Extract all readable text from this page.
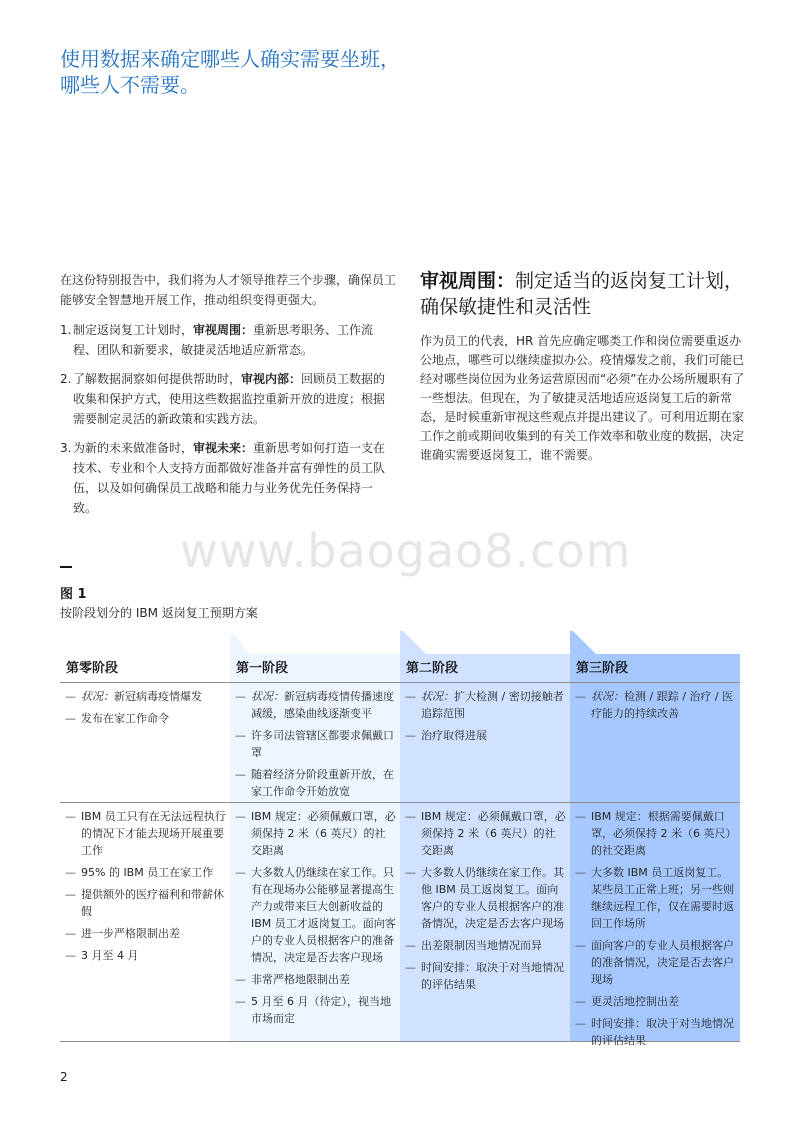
使用数据来确定哪些人确实需要坐班，哪些人不需要。

在这份特别报告中，我们将为人才领导推荐三个步骤，确保员工能够安全智慧地开展工作，推动组织变得更强大。

1. 制定返岗复工计划时，审视周围：重新思考职务、工作流程、团队和新要求，敏捷灵活地适应新常态。
2. 了解数据洞察如何提供帮助时，审视内部：回顾员工数据的收集和保护方式，使用这些数据监控重新开放的进度；根据需要制定灵活的新政策和实践方法。
3. 为新的未来做准备时，审视未来：重新思考如何打造一支在技术、专业和个人支持方面都做好准备并富有弹性的员工队伍，以及如何确保员工战略和能力与业务优先任务保持一致。
审视周围：制定适当的返岗复工计划，确保敏捷性和灵活性

作为员工的代表，HR 首先应确定哪类工作和岗位需要重返办公地点，哪些可以继续虚拟办公。疫情爆发之前，我们可能已经对哪些岗位因为业务运营原因而“必须”在办公场所履职有了一些想法。但现在，为了敏捷灵活地适应返岗复工后的新常态，是时候重新审视这些观点并提出建议了。可利用近期在家工作之前或期间收集到的有关工作效率和敬业度的数据，决定谁确实需要返岗复工，谁不需要。

www.baogao8.com
图 1
按阶段划分的 IBM 返岗复工预期方案
第零阶段
— 状况：新冠病毒疫情爆发
— 发布在家工作命令
— IBM 员工只有在无法远程执行的情况下才能去现场开展重要工作
— 95% 的 IBM 员工在家工作
— 提供额外的医疗福利和带薪休假
— 进一步严格限制出差
— 3 月至 4 月
第一阶段
— 状况：新冠病毒疫情传播速度减缓，感染曲线逐渐变平
— 许多司法管辖区都要求佩戴口罩
— 随着经济分阶段重新开放，在家工作命令开始放宽
— IBM 规定：必须佩戴口罩，必须保持 2 米（6 英尺）的社交距离
— 大多数人仍继续在家工作。只有在现场办公能够显著提高生产力或带来巨大创新收益的 IBM 员工才返岗复工。面向客户的专业人员根据客户的准备情况，决定是否去客户现场
— 非常严格地限制出差
— 5 月至 6 月（待定），视当地市场而定
第二阶段
— 状况：扩大检测 / 密切接触者追踪范围
— 治疗取得进展
— IBM 规定：必须佩戴口罩，必须保持 2 米（6 英尺）的社交距离
— 大多数人仍继续在家工作。其他 IBM 员工返岗复工。面向客户的专业人员根据客户的准备情况，决定是否去客户现场
— 出差限制因当地情况而异
— 时间安排：取决于对当地情况的评估结果
第三阶段
— 状况：检测 / 跟踪 / 治疗 / 医疗能力的持续改善
— IBM 规定：根据需要佩戴口罩，必须保持 2 米（6 英尺）的社交距离
— 大多数 IBM 员工返岗复工。某些员工正常上班；另一些则继续远程工作，仅在需要时返回工作场所
— 面向客户的专业人员根据客户的准备情况，决定是否去客户现场
— 更灵活地控制出差
— 时间安排：取决于对当地情况的评估结果
2
